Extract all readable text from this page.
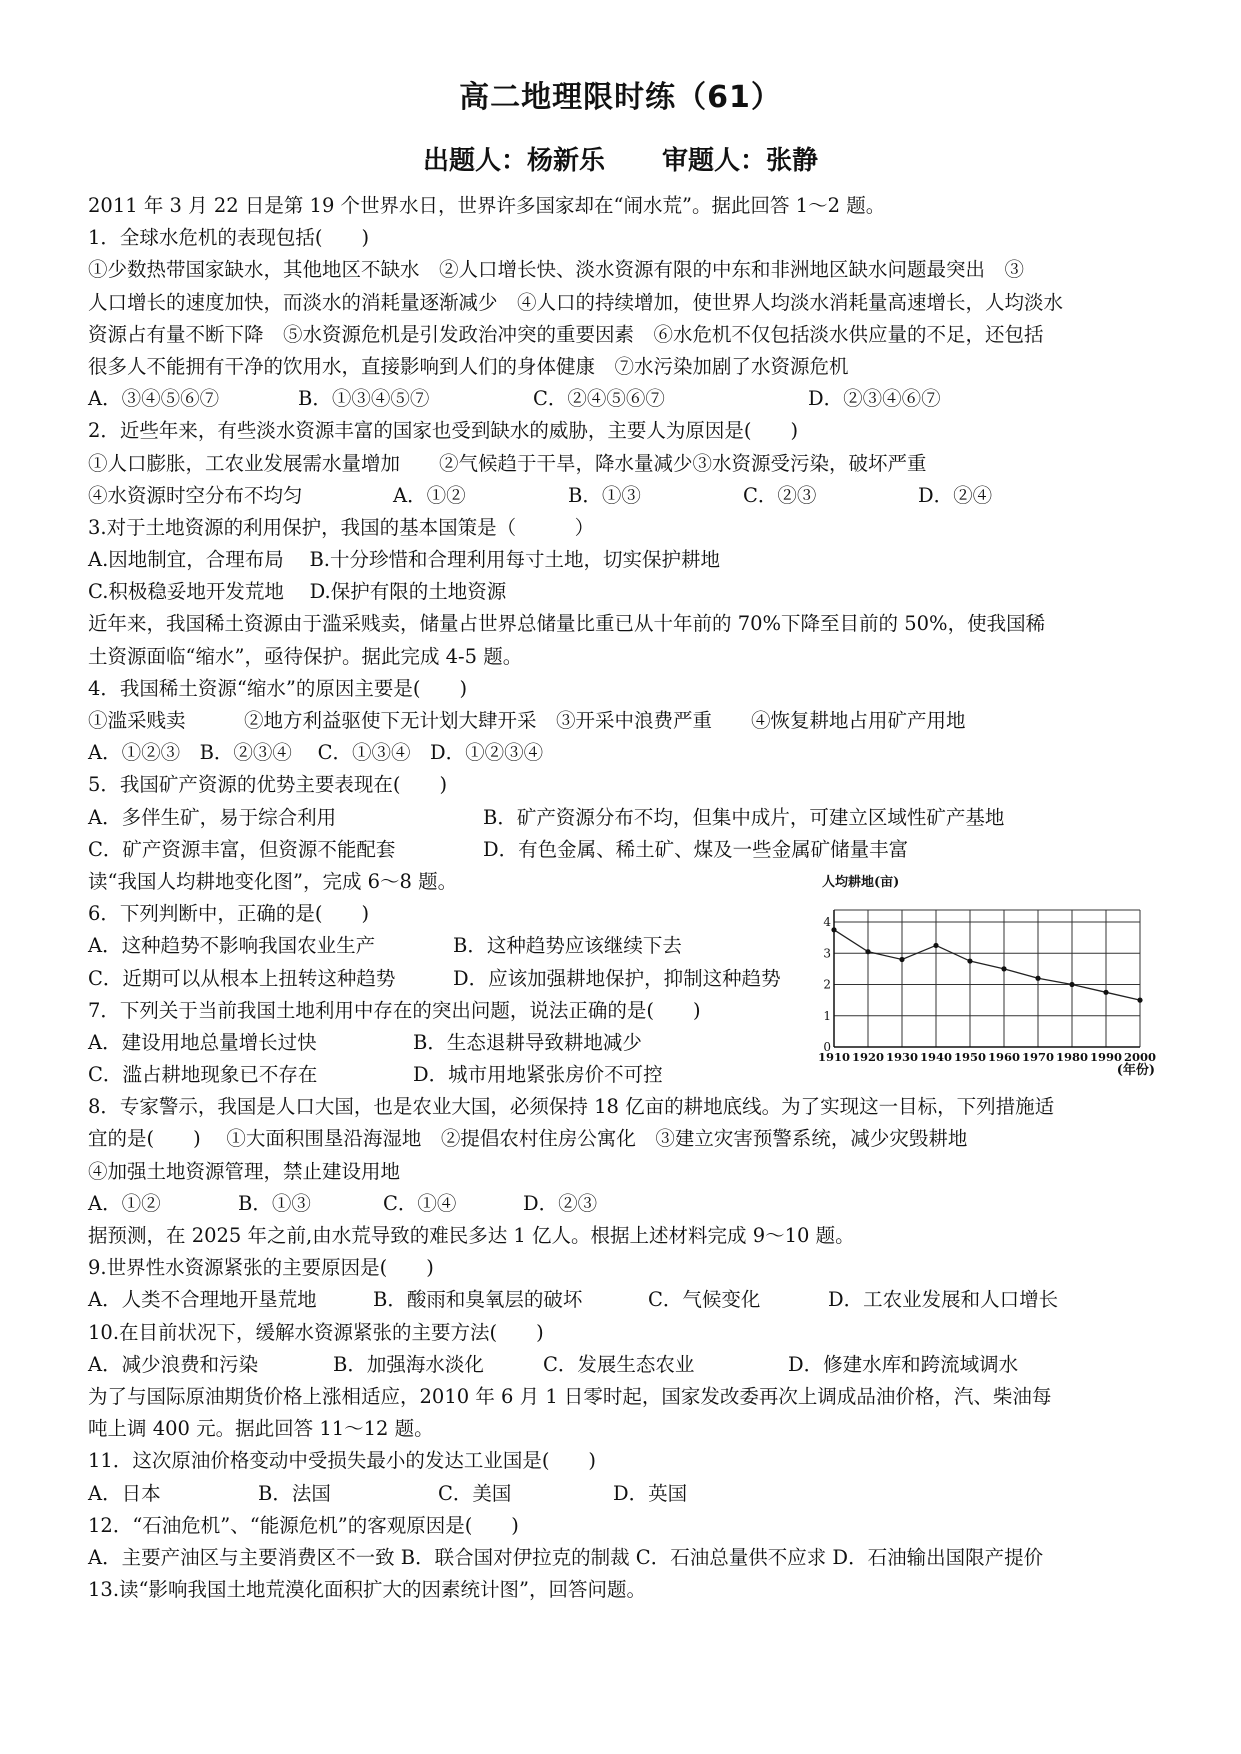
高二地理限时练（61）
出题人：杨新乐 审题人：张静
2011 年 3 月 22 日是第 19 个世界水日，世界许多国家却在“闹水荒”。据此回答 1～2 题。
1．全球水危机的表现包括(　　)
①少数热带国家缺水，其他地区不缺水　②人口增长快、淡水资源有限的中东和非洲地区缺水问题最突出　③
人口增长的速度加快，而淡水的消耗量逐渐减少　④人口的持续增加，使世界人均淡水消耗量高速增长，人均淡水
资源占有量不断下降　⑤水资源危机是引发政治冲突的重要因素　⑥水危机不仅包括淡水供应量的不足，还包括
很多人不能拥有干净的饮用水，直接影响到人们的身体健康　⑦水污染加剧了水资源危机
A．③④⑤⑥⑦	B．①③④⑤⑦	C．②④⑤⑥⑦	D．②③④⑥⑦
2．近些年来，有些淡水资源丰富的国家也受到缺水的威胁，主要人为原因是(　　)
①人口膨胀，工农业发展需水量增加　　②气候趋于干旱，降水量减少③水资源受污染，破坏严重
④水资源时空分布不均匀	A．①②	B．①③	C．②③	D．②④
3.对于土地资源的利用保护，我国的基本国策是（　　　）
A.因地制宜，合理布局　 B.十分珍惜和合理利用每寸土地，切实保护耕地
C.积极稳妥地开发荒地　 D.保护有限的土地资源
近年来，我国稀土资源由于滥采贱卖，储量占世界总储量比重已从十年前的 70%下降至目前的 50%，使我国稀
土资源面临“缩水”，亟待保护。据此完成 4-5 题。
4．我国稀土资源“缩水”的原因主要是(　　)
①滥采贱卖　　　②地方利益驱使下无计划大肆开采　③开采中浪费严重　　④恢复耕地占用矿产用地
A．①②③　B．②③④　 C．①③④　D．①②③④
5．我国矿产资源的优势主要表现在(　　)
A．多伴生矿，易于综合利用	B．矿产资源分布不均，但集中成片，可建立区域性矿产基地
C．矿产资源丰富，但资源不能配套	D．有色金属、稀土矿、煤及一些金属矿储量丰富
读“我国人均耕地变化图”，完成 6～8 题。
6．下列判断中，正确的是(　　)
A．这种趋势不影响我国农业生产	B．这种趋势应该继续下去
C．近期可以从根本上扭转这种趋势	D．应该加强耕地保护，抑制这种趋势
7．下列关于当前我国土地利用中存在的突出问题，说法正确的是(　　)
A．建设用地总量增长过快	B．生态退耕导致耕地减少
C．滥占耕地现象已不存在	D．城市用地紧张房价不可控
8．专家警示，我国是人口大国，也是农业大国，必须保持 18 亿亩的耕地底线。为了实现这一目标，下列措施适
宜的是(　　)　 ①大面积围垦沿海湿地　②提倡农村住房公寓化　③建立灾害预警系统，减少灾毁耕地
④加强土地资源管理，禁止建设用地
A．①②	B．①③	C．①④	D．②③
据预测，在 2025 年之前,由水荒导致的难民多达 1 亿人。根据上述材料完成 9～10 题。
9.世界性水资源紧张的主要原因是(　　)
A．人类不合理地开垦荒地	B．酸雨和臭氧层的破坏	C．气候变化	D．工农业发展和人口增长
10.在目前状况下，缓解水资源紧张的主要方法(　　)
A．减少浪费和污染	B．加强海水淡化	C．发展生态农业	D．修建水库和跨流域调水
为了与国际原油期货价格上涨相适应，2010 年 6 月 1 日零时起，国家发改委再次上调成品油价格，汽、柴油每
吨上调 400 元。据此回答 11～12 题。
11．这次原油价格变动中受损失最小的发达工业国是(　　)
A．日本	B．法国	C．美国	D．英国
12．“石油危机”、“能源危机”的客观原因是(　　)
A．主要产油区与主要消费区不一致 B．联合国对伊拉克的制裁 C．石油总量供不应求 D．石油输出国限产提价
13.读“影响我国土地荒漠化面积扩大的因素统计图”，回答问题。
人均耕地(亩)
0
1
2
3
4
1910 1920 1930 1940 1950 1960 1970 1980 1990 2000
(年份)
